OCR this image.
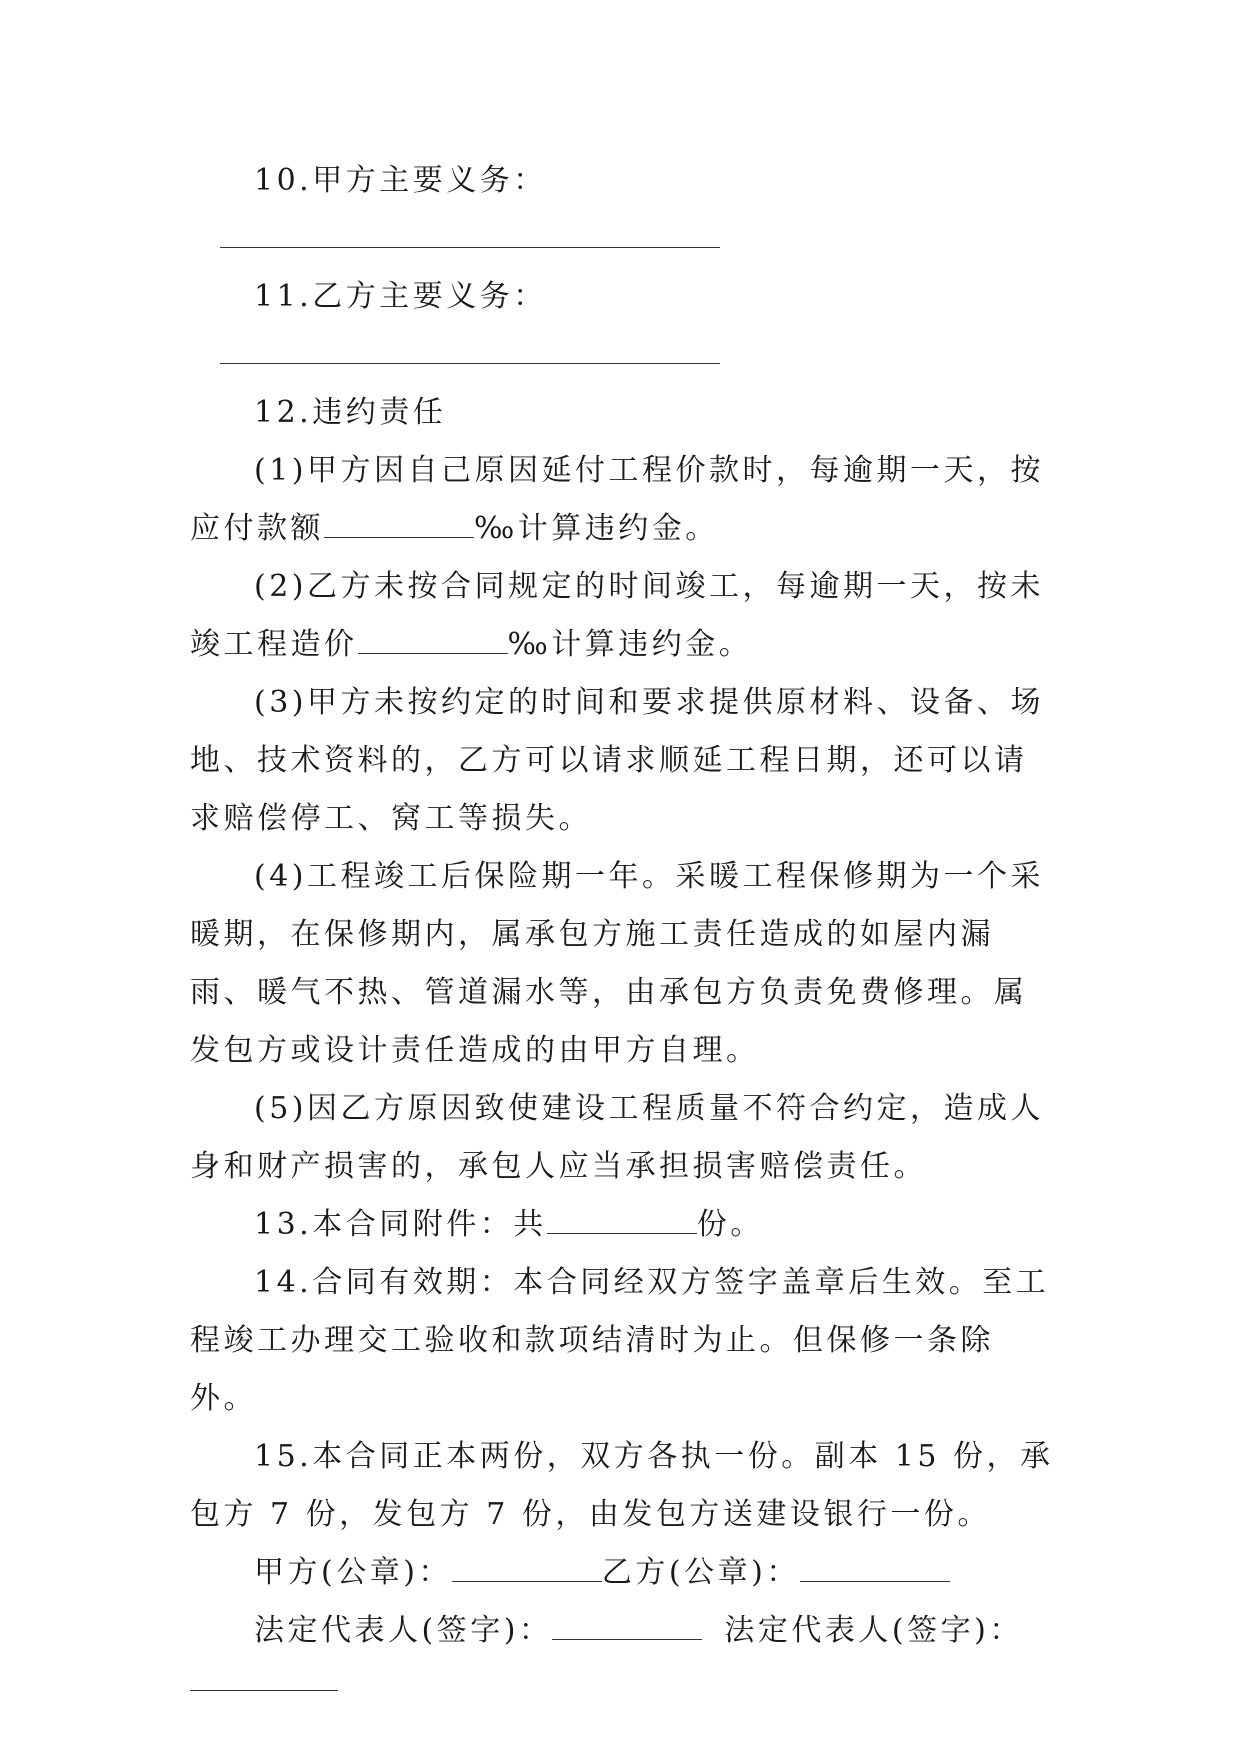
10.甲方主要义务：

11.乙方主要义务：

12.违约责任

(1)甲方因自己原因延付工程价款时，每逾期一天，按应付款额	‰计算违约金。

(2)乙方未按合同规定的时间竣工，每逾期一天，按未竣工程造价	‰计算违约金。

(3)甲方未按约定的时间和要求提供原材料、设备、场地、技术资料的，乙方可以请求顺延工程日期，还可以请求赔偿停工、窝工等损失。

(4)工程竣工后保险期一年。采暖工程保修期为一个采暖期，在保修期内，属承包方施工责任造成的如屋内漏雨、暖气不热、管道漏水等，由承包方负责免费修理。属发包方或设计责任造成的由甲方自理。

(5)因乙方原因致使建设工程质量不符合约定，造成人身和财产损害的，承包人应当承担损害赔偿责任。

13.本合同附件：共	份。

14.合同有效期：本合同经双方签字盖章后生效。至工程竣工办理交工验收和款项结清时为止。但保修一条除外。

15.本合同正本两份，双方各执一份。副本 15 份，承包方 7 份，发包方 7 份，由发包方送建设银行一份。

甲方(公章)：	乙方(公章)：

法定代表人(签字)：	法定代表人(签字)：
